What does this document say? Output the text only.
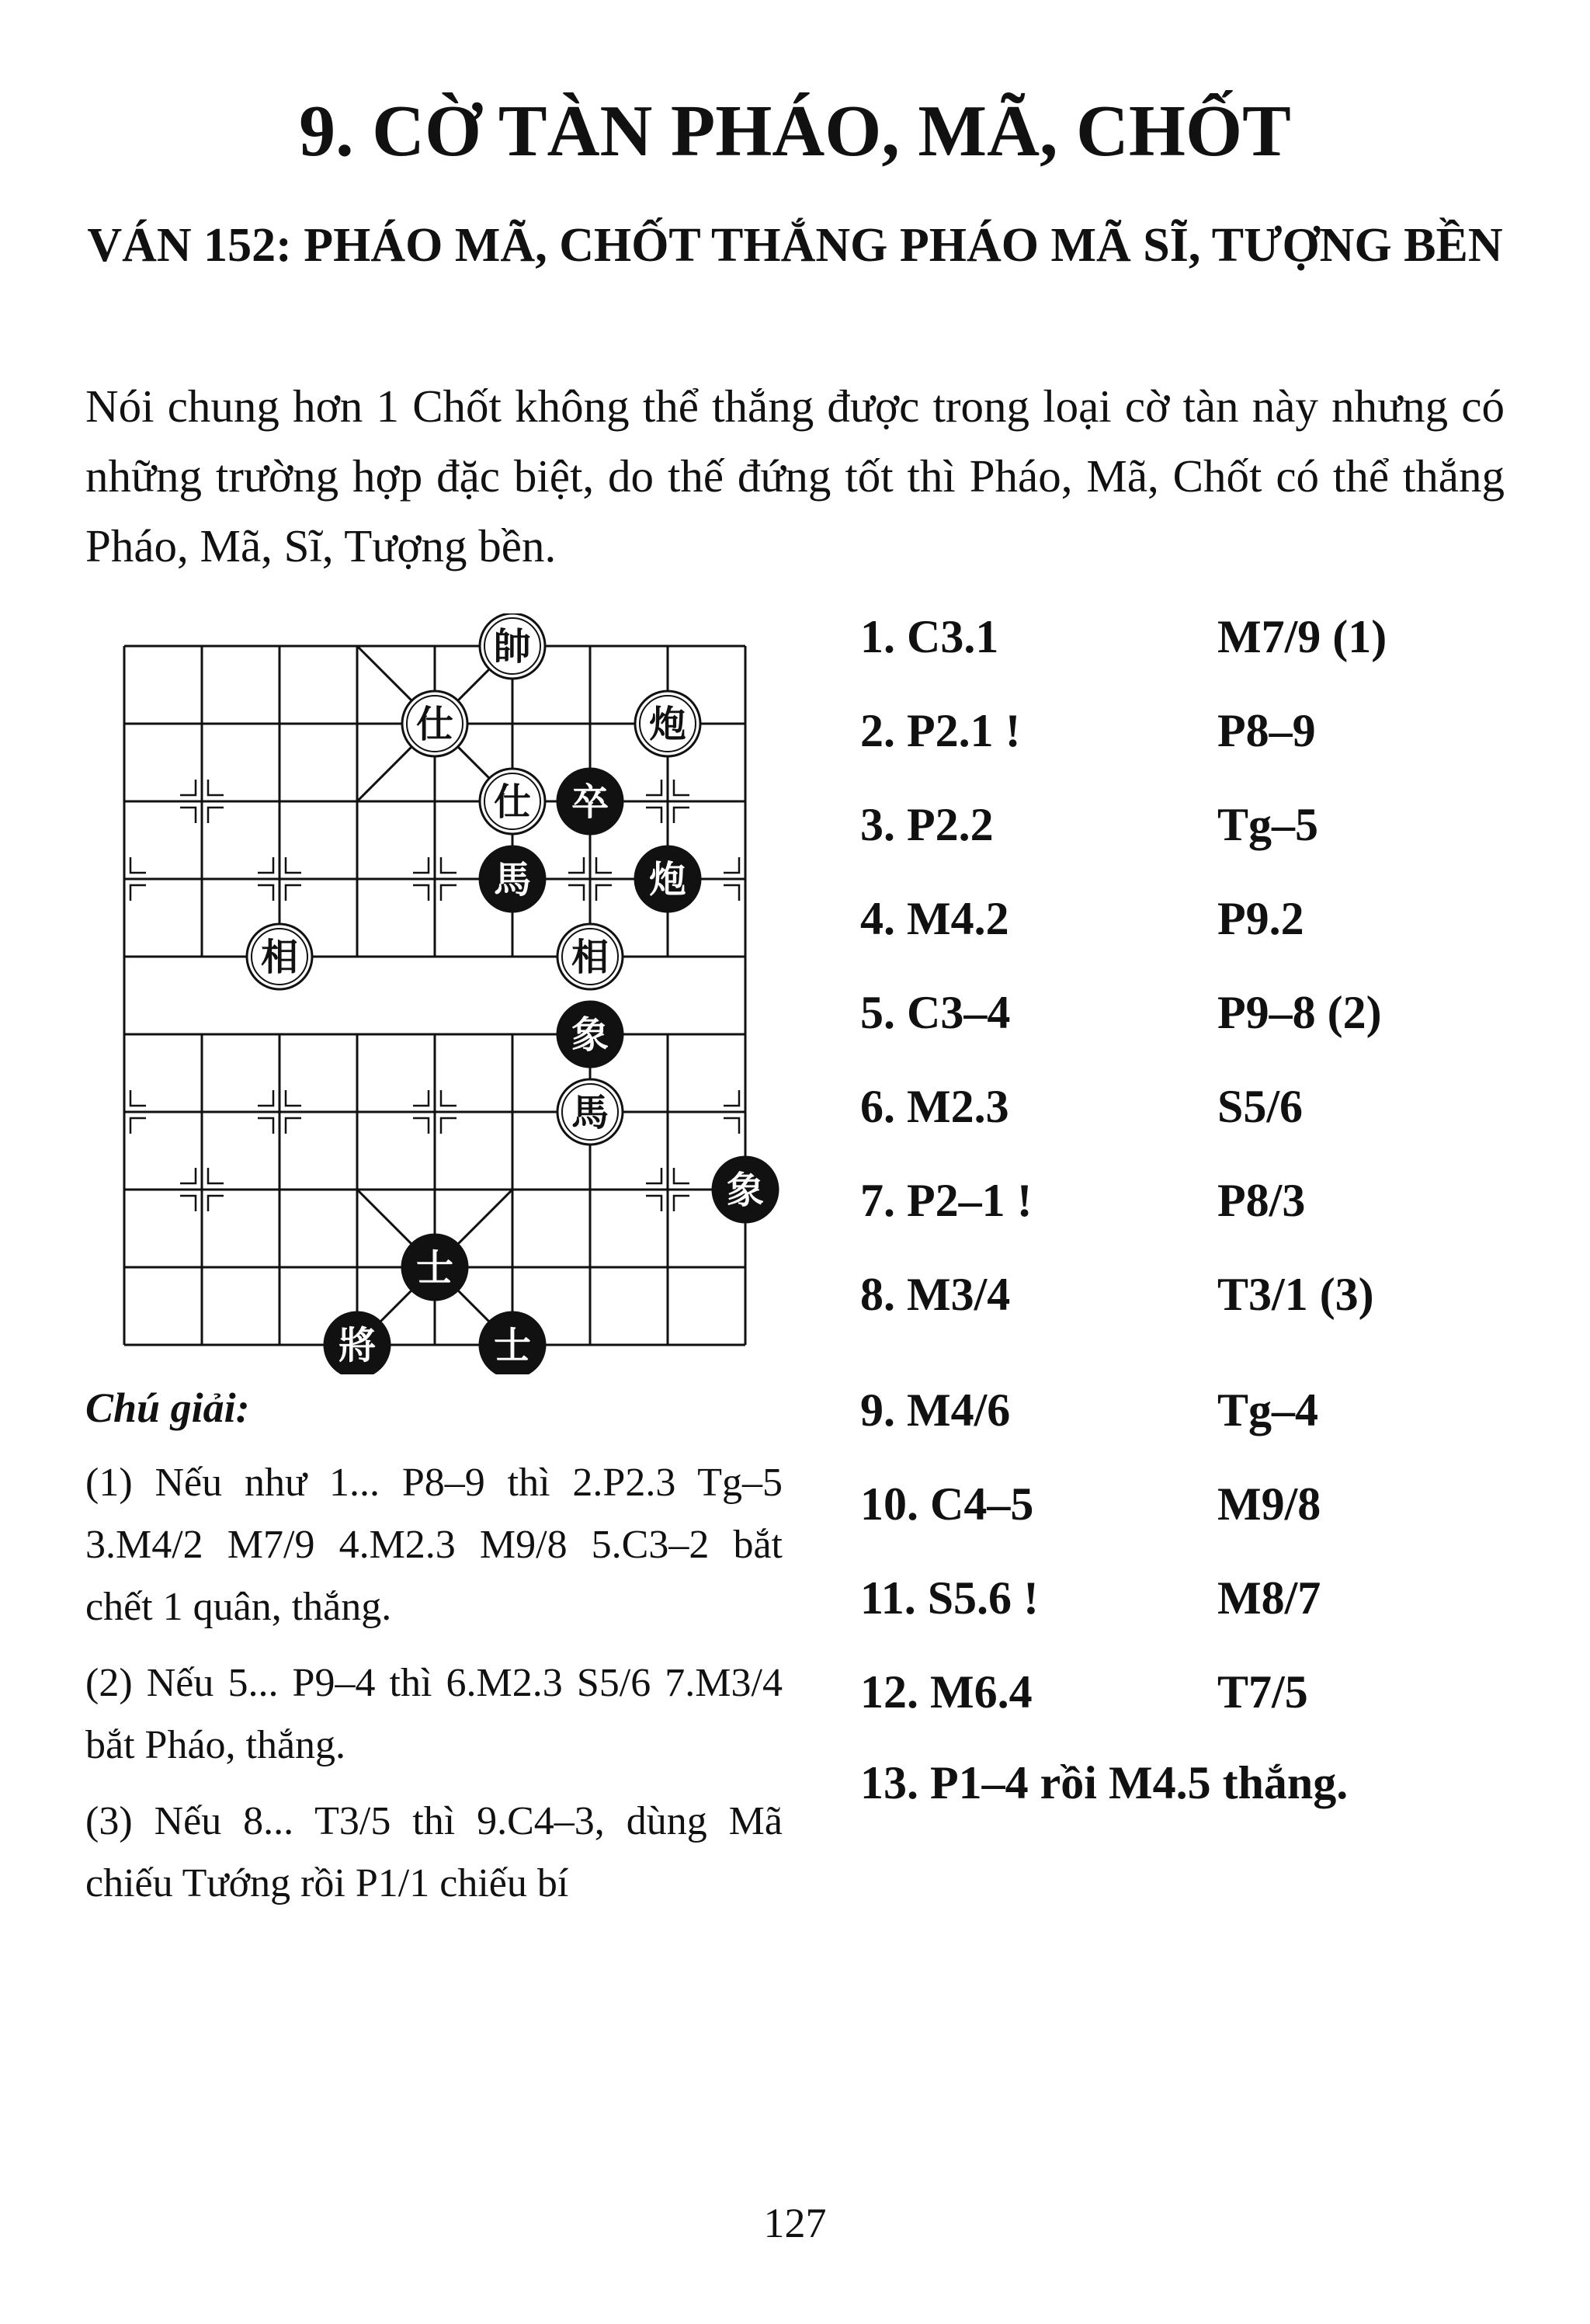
9. CỜ TÀN PHÁO, MÃ, CHỐT
VÁN 152: PHÁO MÃ, CHỐT THẮNG PHÁO MÃ SĨ, TƯỢNG BỀN
Nói chung hơn 1 Chốt không thể thắng được trong loại cờ tàn này nhưng có những trường hợp đặc biệt, do thế đứng tốt thì Pháo, Mã, Chốt có thể thắng Pháo, Mã, Sĩ, Tượng bền.
帥
仕	炮
仕 卒
馬	炮
相	相
象
馬
象
士
將	士
1. C3.1	M7/9 (1)
2. P2.1 !	P8–9
3. P2.2	Tg–5
4. M4.2	P9.2
5. C3–4	P9–8 (2)
6. M2.3	S5/6
7. P2–1 !	P8/3
8. M3/4	T3/1 (3)
9. M4/6	Tg–4
10. C4–5	M9/8
11. S5.6 !	M8/7
12. M6.4	T7/5
13. P1–4 rồi M4.5 thắng.
Chú giải:

(1) Nếu như 1... P8–9 thì 2.P2.3 Tg–5 3.M4/2 M7/9 4.M2.3 M9/8 5.C3–2 bắt chết 1 quân, thắng.

(2) Nếu 5... P9–4 thì 6.M2.3 S5/6 7.M3/4 bắt Pháo, thắng.

(3) Nếu 8... T3/5 thì 9.C4–3, dùng Mã chiếu Tướng rồi P1/1 chiếu bí

127
